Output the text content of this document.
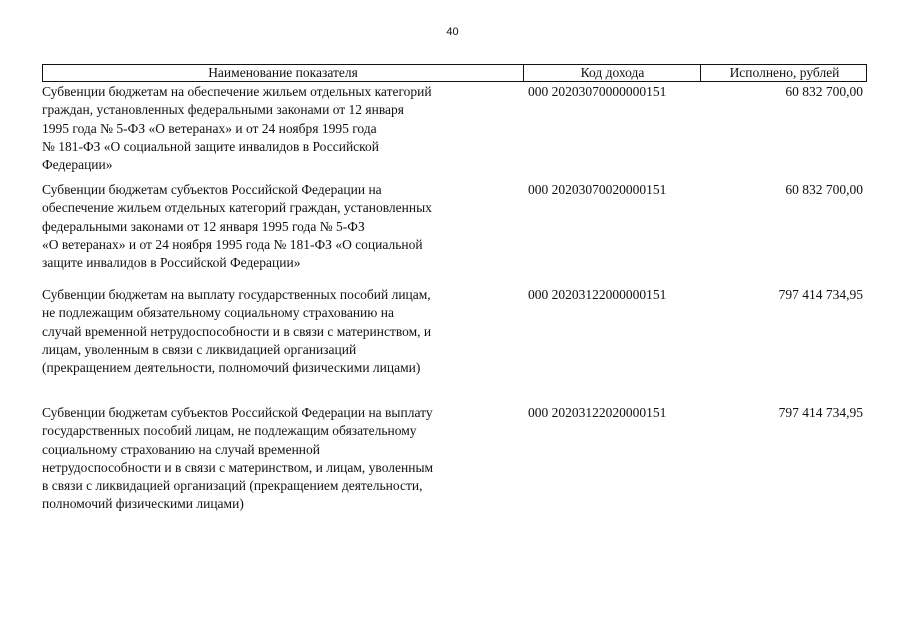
40
Наименование показателя	Код дохода	Исполнено, рублей
Субвенции бюджетам на обеспечение жильем отдельных категорий
граждан, установленных федеральными законами от 12 января
1995 года № 5-ФЗ «О ветеранах» и от 24 ноября 1995 года
№ 181-ФЗ «О социальной защите инвалидов в Российской
Федерации»
000 20203070000000151	60 832 700,00
Субвенции бюджетам субъектов Российской Федерации на
обеспечение жильем отдельных категорий граждан, установленных
федеральными законами от 12 января 1995 года № 5-ФЗ
«О ветеранах» и от 24 ноября 1995 года № 181-ФЗ «О социальной
защите инвалидов в Российской Федерации»
000 20203070020000151	60 832 700,00
Субвенции бюджетам на выплату государственных пособий лицам,
не подлежащим обязательному социальному страхованию на
случай временной нетрудоспособности и в связи с материнством, и
лицам, уволенным в связи с ликвидацией организаций
(прекращением деятельности, полномочий физическими лицами)
000 20203122000000151	797 414 734,95
Субвенции бюджетам субъектов Российской Федерации на выплату
государственных пособий лицам, не подлежащим обязательному
социальному страхованию на случай временной
нетрудоспособности и в связи с материнством, и лицам, уволенным
в связи с ликвидацией организаций (прекращением деятельности,
полномочий физическими лицами)
000 20203122020000151	797 414 734,95
